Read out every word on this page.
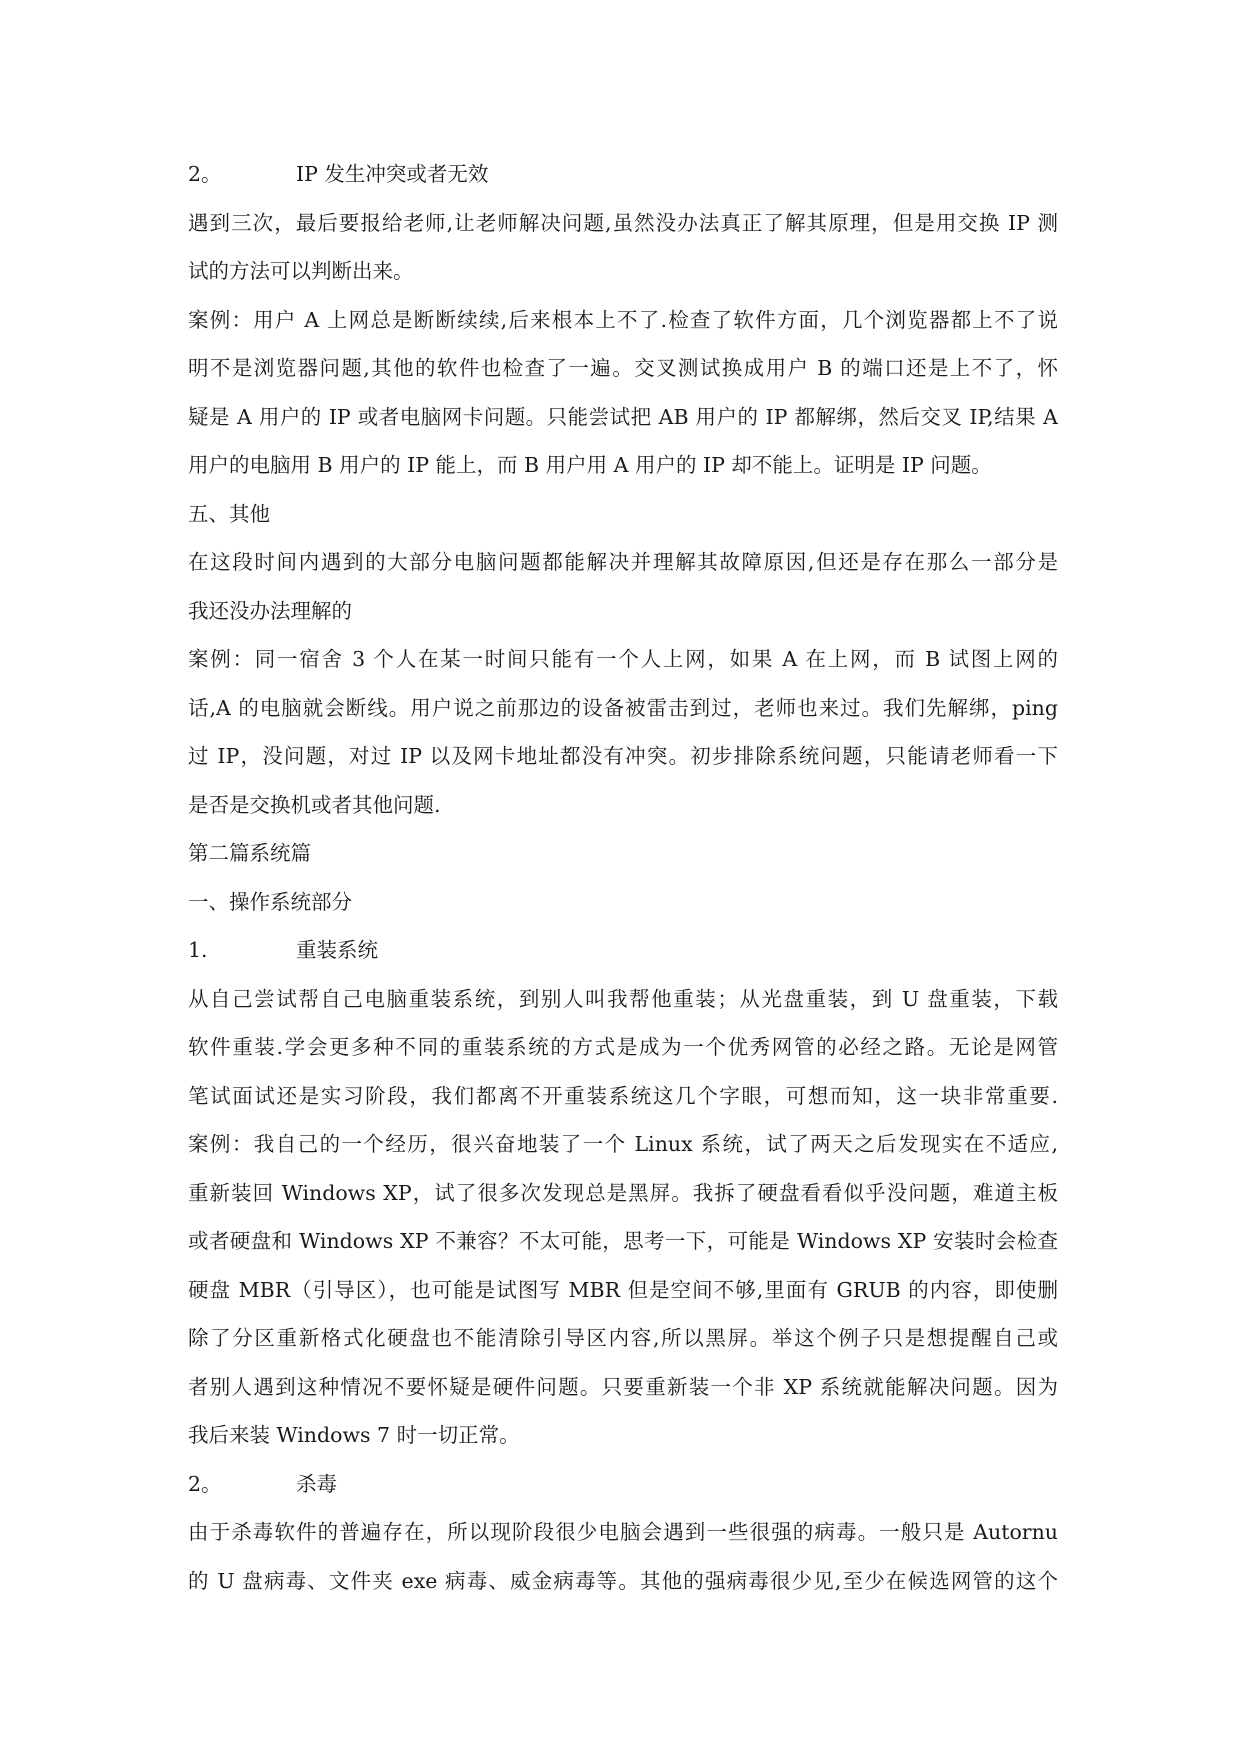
2。	IP 发生冲突或者无效
遇到三次，最后要报给老师,让老师解决问题,虽然没办法真正了解其原理，但是用交换 IP 测
试的方法可以判断出来。
案例：用户 A 上网总是断断续续,后来根本上不了.检查了软件方面，几个浏览器都上不了说
明不是浏览器问题,其他的软件也检查了一遍。交叉测试换成用户 B 的端口还是上不了，怀
疑是 A 用户的 IP 或者电脑网卡问题。只能尝试把 AB 用户的 IP 都解绑，然后交叉 IP,结果 A
用户的电脑用 B 用户的 IP 能上，而 B 用户用 A 用户的 IP 却不能上。证明是 IP 问题。
五、其他
在这段时间内遇到的大部分电脑问题都能解决并理解其故障原因,但还是存在那么一部分是
我还没办法理解的
案例：同一宿舍 3 个人在某一时间只能有一个人上网，如果 A 在上网，而 B 试图上网的
话,A 的电脑就会断线。用户说之前那边的设备被雷击到过，老师也来过。我们先解绑，ping
过 IP，没问题，对过 IP 以及网卡地址都没有冲突。初步排除系统问题，只能请老师看一下
是否是交换机或者其他问题.
第二篇系统篇
一、操作系统部分
1.	重装系统
从自己尝试帮自己电脑重装系统，到别人叫我帮他重装；从光盘重装，到 U 盘重装，下载
软件重装.学会更多种不同的重装系统的方式是成为一个优秀网管的必经之路。无论是网管
笔试面试还是实习阶段，我们都离不开重装系统这几个字眼，可想而知，这一块非常重要.
案例：我自己的一个经历，很兴奋地装了一个 Linux 系统，试了两天之后发现实在不适应,
重新装回 Windows XP，试了很多次发现总是黑屏。我拆了硬盘看看似乎没问题，难道主板
或者硬盘和 Windows XP 不兼容？不太可能，思考一下，可能是 Windows XP 安装时会检查
硬盘 MBR（引导区），也可能是试图写 MBR 但是空间不够,里面有 GRUB 的内容，即使删
除了分区重新格式化硬盘也不能清除引导区内容,所以黑屏。举这个例子只是想提醒自己或
者别人遇到这种情况不要怀疑是硬件问题。只要重新装一个非 XP 系统就能解决问题。因为
我后来装 Windows 7 时一切正常。
2。	杀毒
由于杀毒软件的普遍存在，所以现阶段很少电脑会遇到一些很强的病毒。一般只是 Autornu
的 U 盘病毒、文件夹 exe 病毒、威金病毒等。其他的强病毒很少见,至少在候选网管的这个
